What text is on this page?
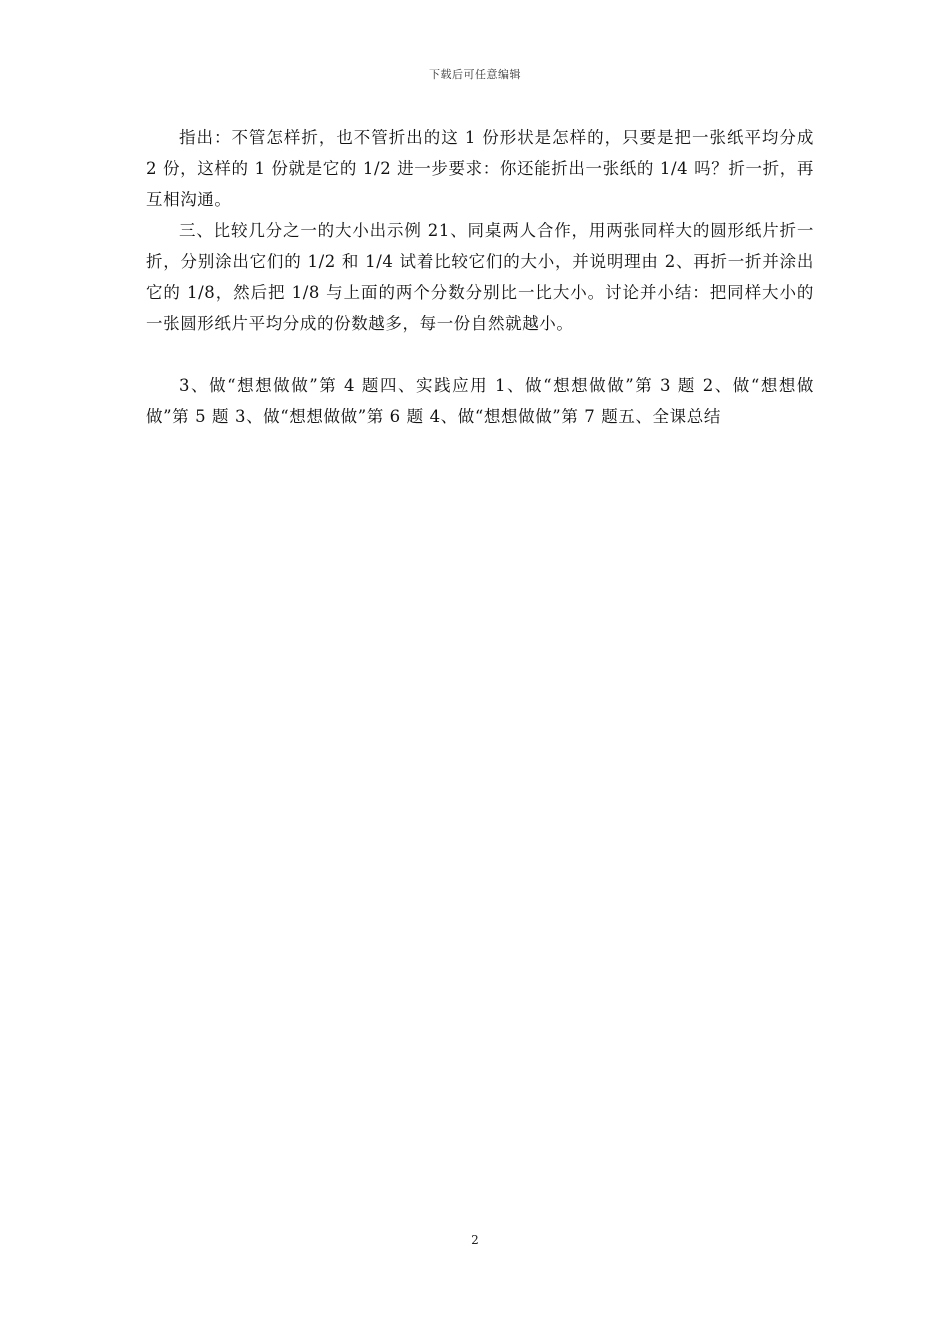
下载后可任意编辑

指出：不管怎样折，也不管折出的这 1 份形状是怎样的，只要是把一张纸平均分成 2 份，这样的 1 份就是它的 1/2 进一步要求：你还能折出一张纸的 1/4 吗？折一折，再互相沟通。

三、比较几分之一的大小出示例 21、同桌两人合作，用两张同样大的圆形纸片折一折，分别涂出它们的 1/2 和 1/4 试着比较它们的大小，并说明理由 2、再折一折并涂出它的 1/8，然后把 1/8 与上面的两个分数分别比一比大小。讨论并小结：把同样大小的一张圆形纸片平均分成的份数越多，每一份自然就越小。

3、做“想想做做”第 4 题四、实践应用 1、做“想想做做”第 3 题 2、做“想想做做”第 5 题 3、做“想想做做”第 6 题 4、做“想想做做”第 7 题五、全课总结

2
